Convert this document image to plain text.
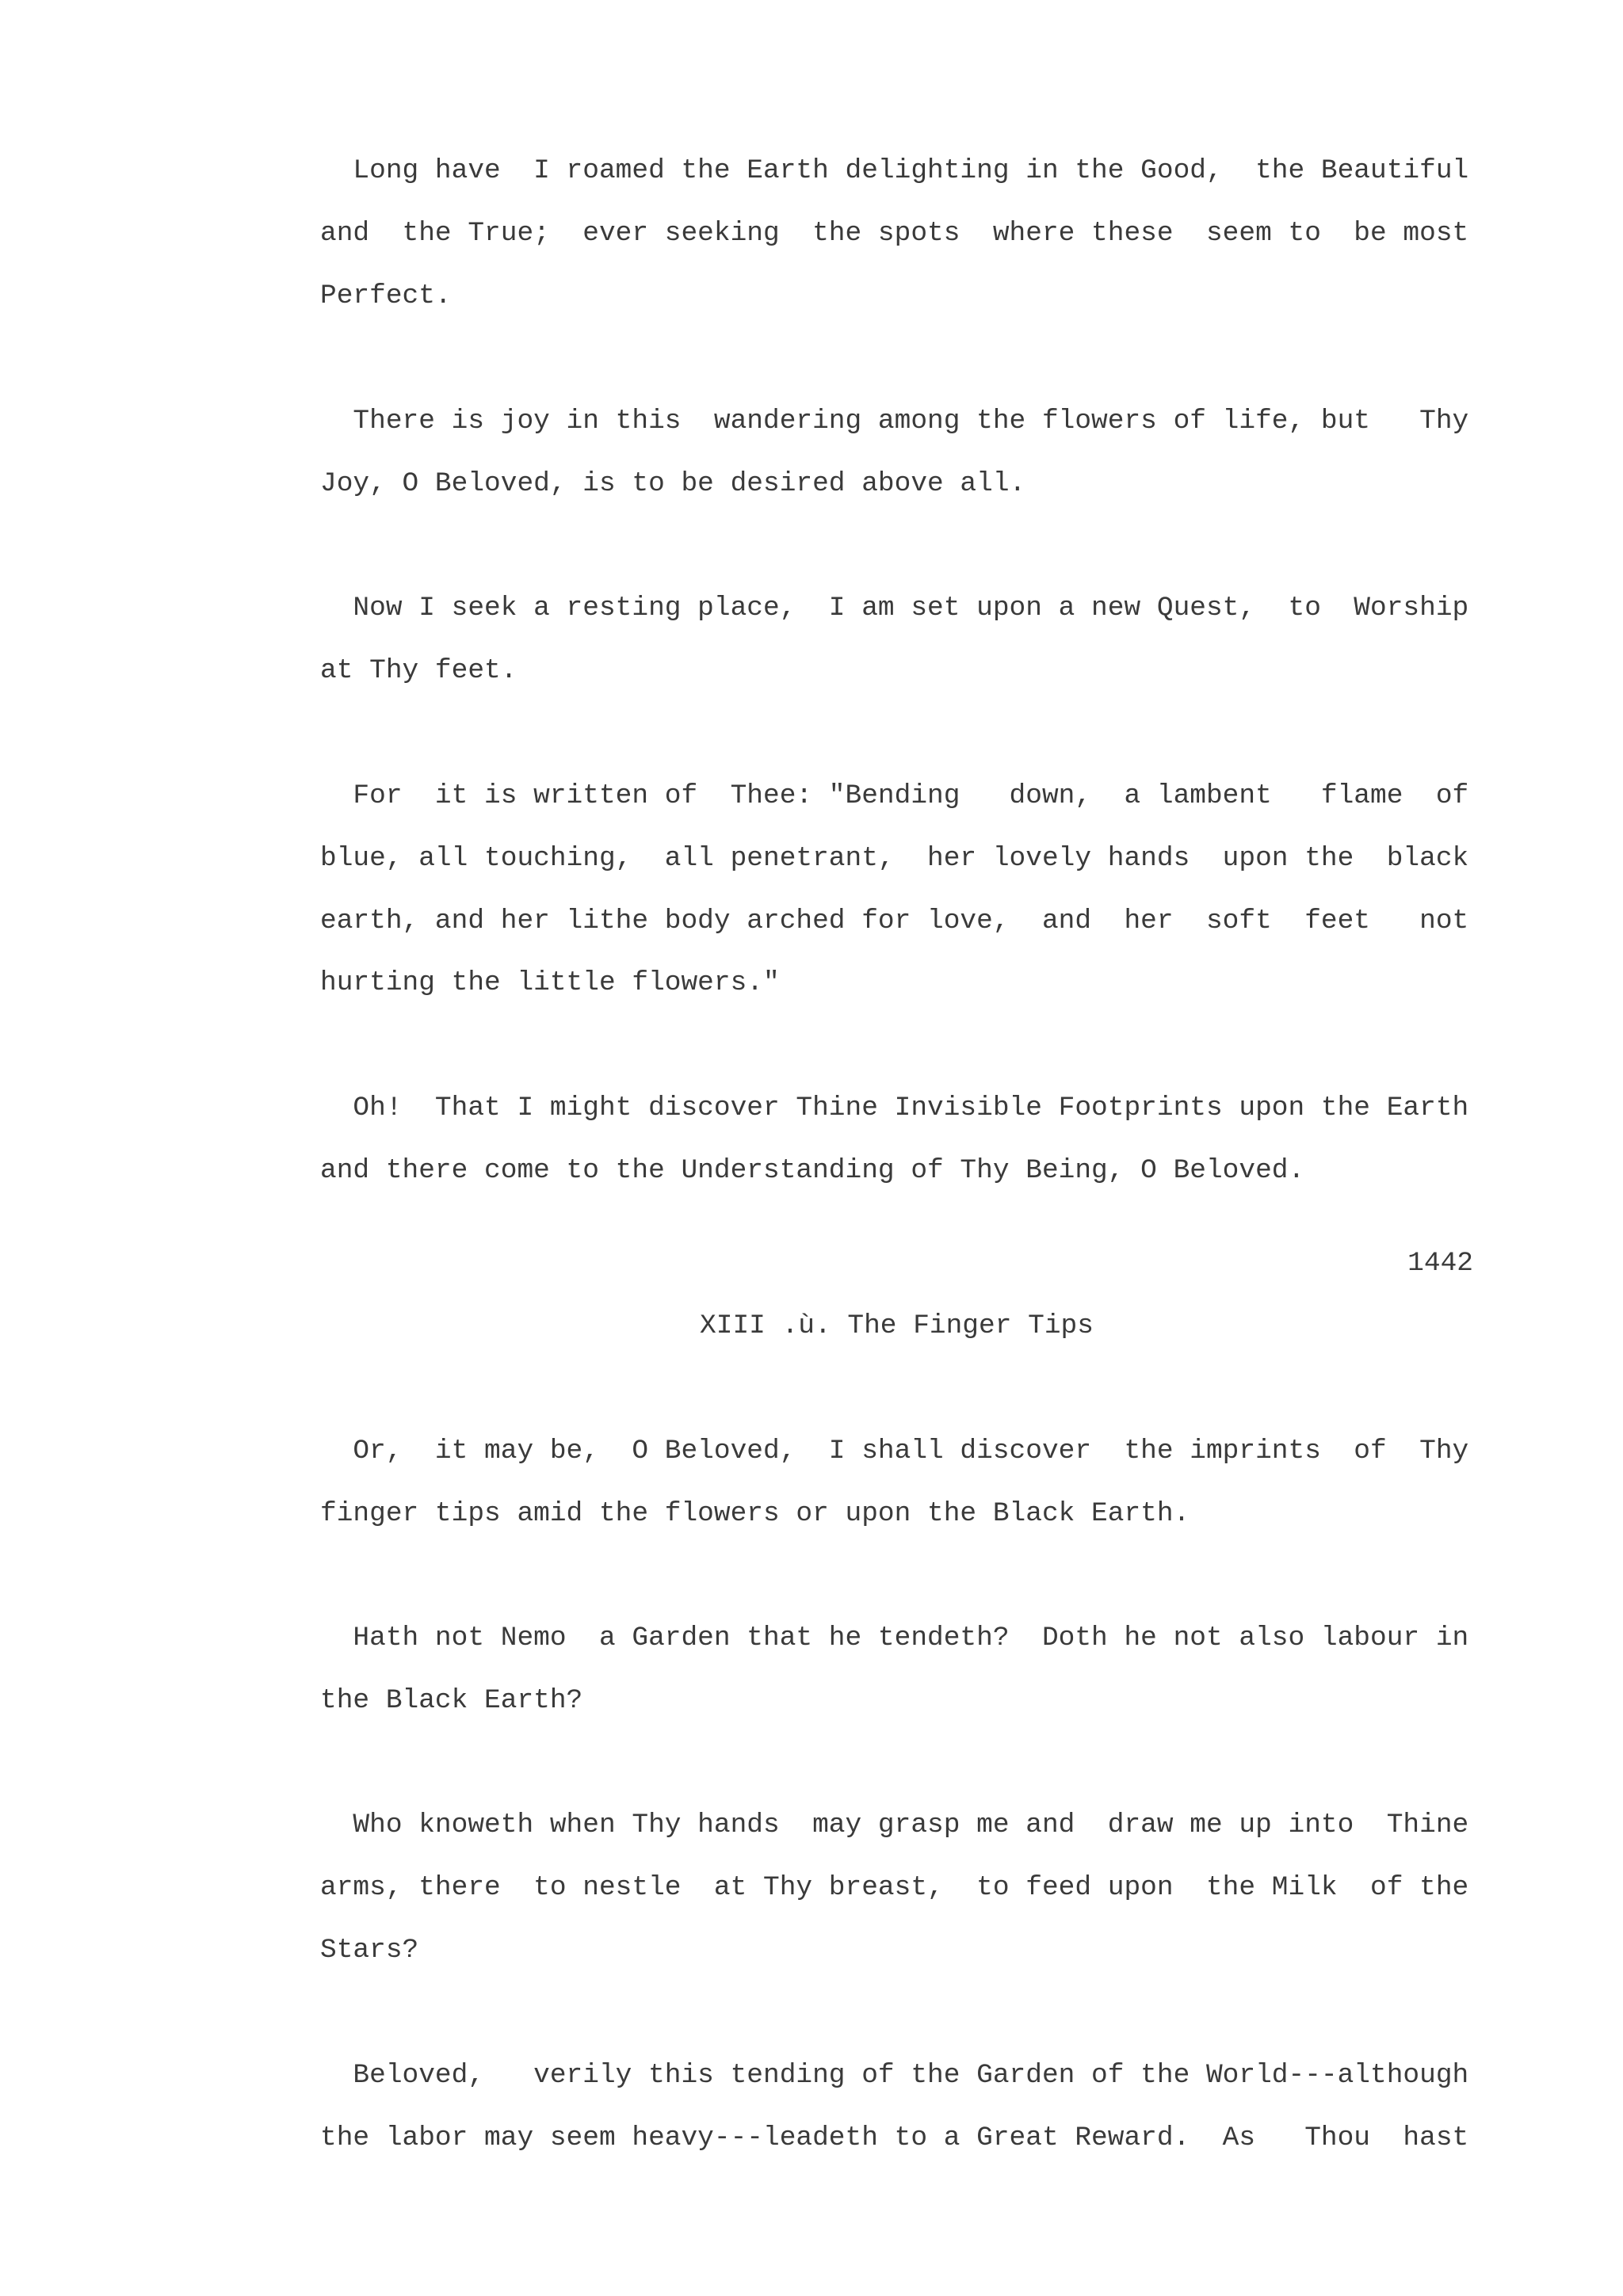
Long have  I roamed the Earth delighting in the Good,  the Beautiful

and  the True;  ever seeking  the spots  where these  seem to  be most

Perfect.

There is joy in this  wandering among the flowers of life, but   Thy

Joy, O Beloved, is to be desired above all.

Now I seek a resting place,  I am set upon a new Quest,  to  Worship

at Thy feet.

For  it is written of  Thee: "Bending   down,  a lambent   flame  of

blue, all touching,  all penetrant,  her lovely hands  upon the  black

earth, and her lithe body arched for love,  and  her  soft  feet   not

hurting the little flowers."

Oh!  That I might discover Thine Invisible Footprints upon the Earth

and there come to the Understanding of Thy Being, O Beloved.

1442

XIII .ù. The Finger Tips

Or,  it may be,  O Beloved,  I shall discover  the imprints  of  Thy

finger tips amid the flowers or upon the Black Earth.

Hath not Nemo  a Garden that he tendeth?  Doth he not also labour in

the Black Earth?

Who knoweth when Thy hands  may grasp me and  draw me up into  Thine

arms, there  to nestle  at Thy breast,  to feed upon  the Milk  of the

Stars?

Beloved,   verily this tending of the Garden of the World---although

the labor may seem heavy---leadeth to a Great Reward.  As   Thou  hast
